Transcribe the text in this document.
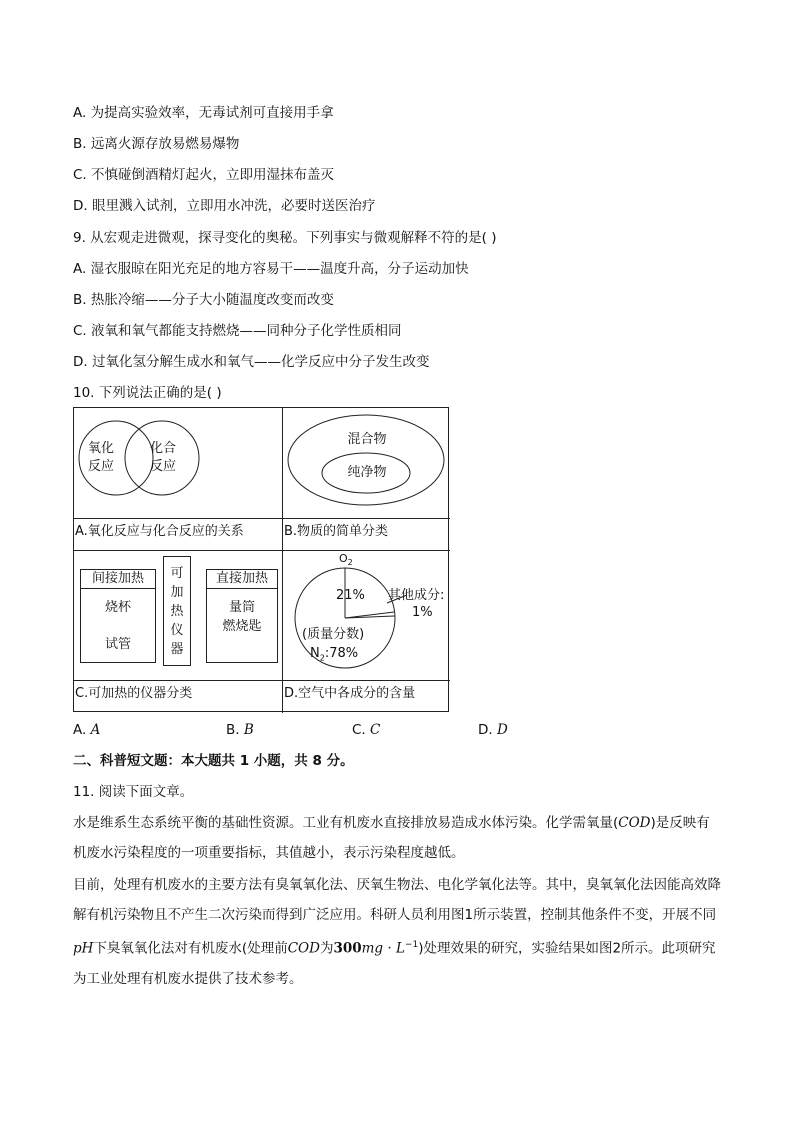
A. 为提高实验效率，无毒试剂可直接用手拿
B. 远离火源存放易燃易爆物
C. 不慎碰倒酒精灯起火，立即用湿抹布盖灭
D. 眼里溅入试剂，立即用水冲洗，必要时送医治疗
9. 从宏观走进微观，探寻变化的奥秘。下列事实与微观解释不符的是( )
A. 湿衣服晾在阳光充足的地方容易干——温度升高，分子运动加快
B. 热胀冷缩——分子大小随温度改变而改变
C. 液氧和氧气都能支持燃烧——同种分子化学性质相同
D. 过氧化氢分解生成水和氧气——化学反应中分子发生改变
10. 下列说法正确的是( )
氧化
反应
化合
反应
A.氧化反应与化合反应的关系
混合物
纯净物
B.物质的简单分类
间接加热
烧杯
试管
可
加
热
仪
器
直接加热
量筒
燃烧匙
C.可加热的仪器分类
$O_2$
21% 其他成分:
1%
(质量分数)
$N_2:78\%$
D.空气中各成分的含量
A. A	B. B	C. C	D. D
二、科普短文题：本大题共 1 小题，共 8 分。
11. 阅读下面文章。
水是维系生态系统平衡的基础性资源。工业有机废水直接排放易造成水体污染。化学需氧量(COD)是反映有机废水污染程度的一项重要指标，其值越小，表示污染程度越低。
目前，处理有机废水的主要方法有臭氧氧化法、厌氧生物法、电化学氧化法等。其中，臭氧氧化法因能高效降解有机污染物且不产生二次污染而得到广泛应用。科研人员利用图1所示装置，控制其他条件不变，开展不同pH下臭氧氧化法对有机废水(处理前COD为$300mg \cdot L^{-1}$)处理效果的研究，实验结果如图2所示。此项研究为工业处理有机废水提供了技术参考。
